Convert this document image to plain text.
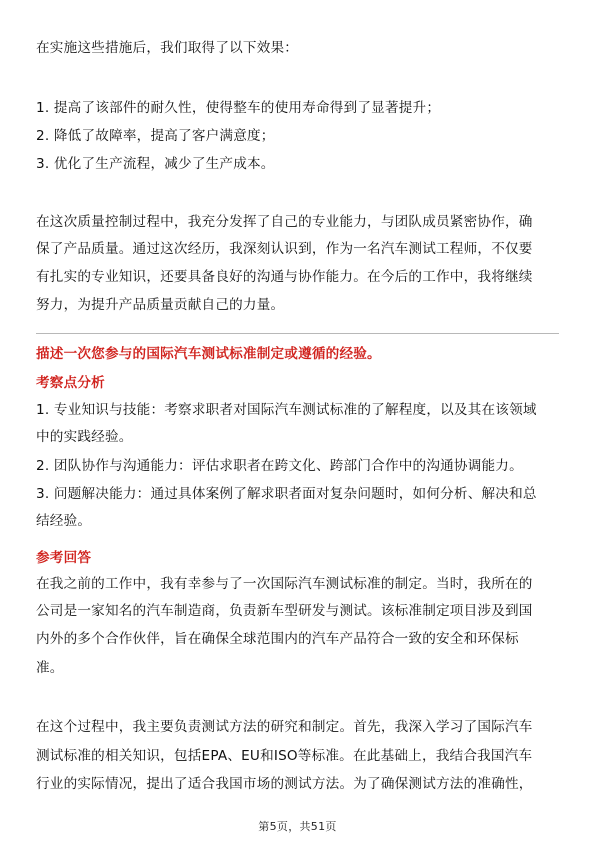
在实施这些措施后，我们取得了以下效果：
1. 提高了该部件的耐久性，使得整车的使用寿命得到了显著提升；
2. 降低了故障率，提高了客户满意度；
3. 优化了生产流程，减少了生产成本。
在这次质量控制过程中，我充分发挥了自己的专业能力，与团队成员紧密协作，确
保了产品质量。通过这次经历，我深刻认识到，作为一名汽车测试工程师，不仅要
有扎实的专业知识，还要具备良好的沟通与协作能力。在今后的工作中，我将继续
努力，为提升产品质量贡献自己的力量。
描述一次您参与的国际汽车测试标准制定或遵循的经验。
考察点分析
1. 专业知识与技能：考察求职者对国际汽车测试标准的了解程度，以及其在该领域
中的实践经验。
2. 团队协作与沟通能力：评估求职者在跨文化、跨部门合作中的沟通协调能力。
3. 问题解决能力：通过具体案例了解求职者面对复杂问题时，如何分析、解决和总
结经验。
参考回答
在我之前的工作中，我有幸参与了一次国际汽车测试标准的制定。当时，我所在的
公司是一家知名的汽车制造商，负责新车型研发与测试。该标准制定项目涉及到国
内外的多个合作伙伴，旨在确保全球范围内的汽车产品符合一致的安全和环保标
准。
在这个过程中，我主要负责测试方法的研究和制定。首先，我深入学习了国际汽车
测试标准的相关知识，包括EPA、EU和ISO等标准。在此基础上，我结合我国汽车
行业的实际情况，提出了适合我国市场的测试方法。为了确保测试方法的准确性，
第5页，共51页
